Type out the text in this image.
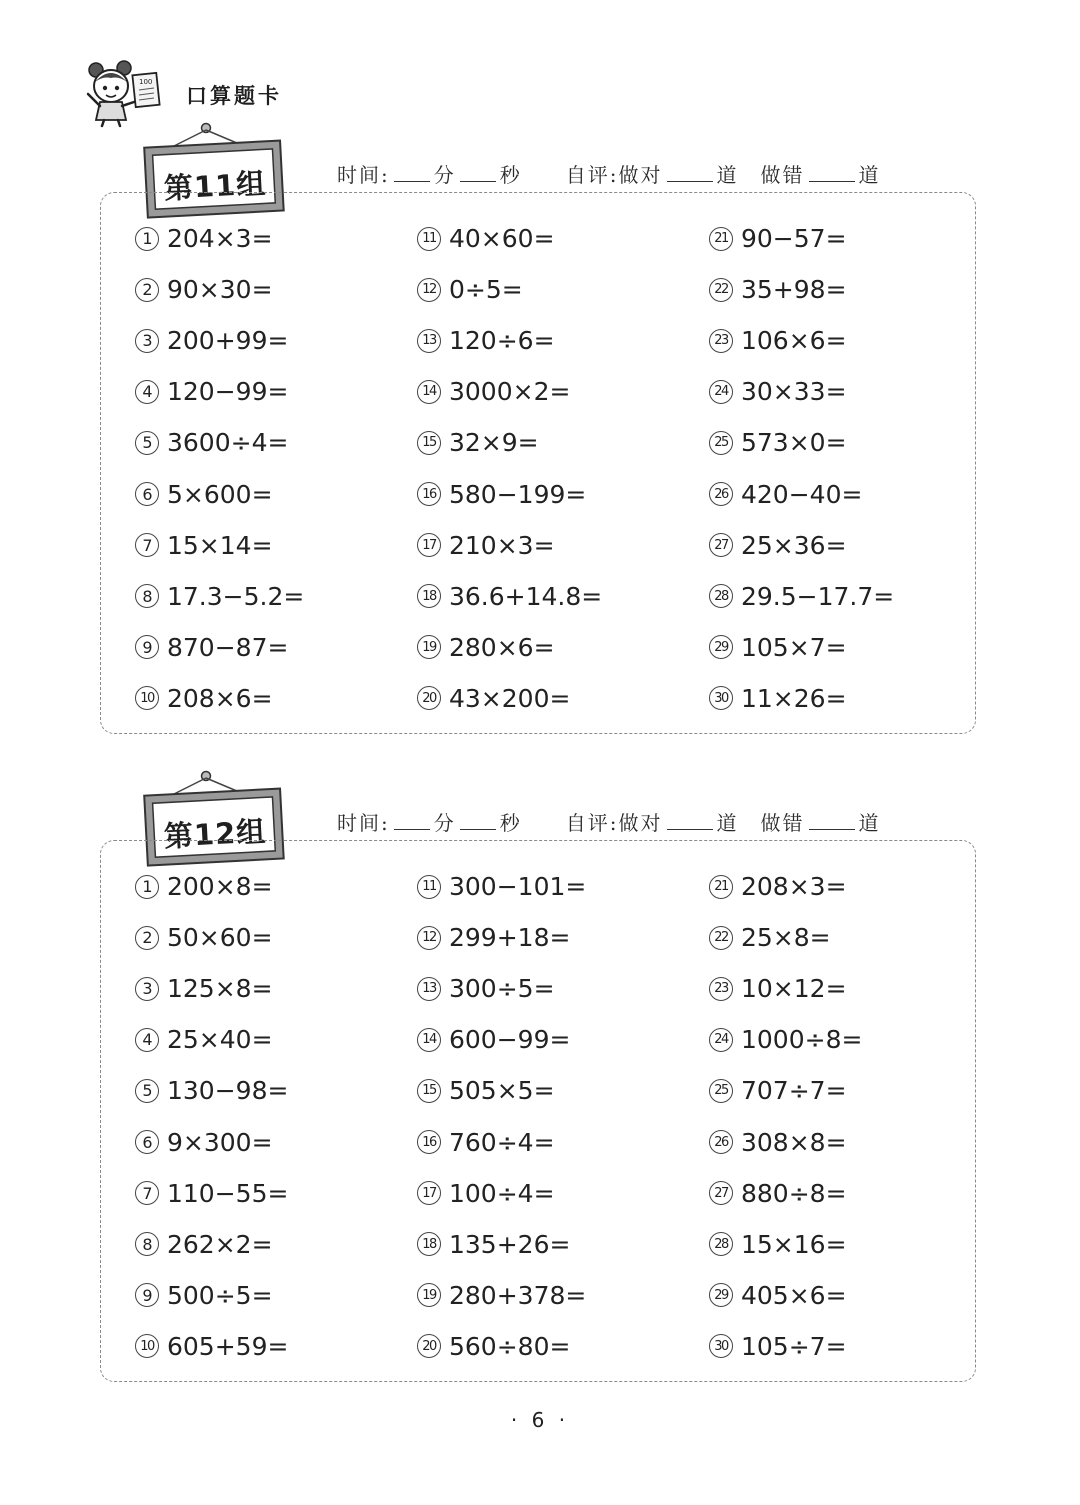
100
口算题卡
第11组	时间: 分 秒 自评:做对	道 做错	道
1 204×3=
2 90×30=
3 200+99=
4 120−99=
5 3600÷4=
6 5×600=
7 15×14=
8 17.3−5.2=
9 870−87=
10 208×6=
11 40×60=
12 0÷5=
13 120÷6=
14 3000×2=
15 32×9=
16 580−199=
17 210×3=
18 36.6+14.8=
19 280×6=
20 43×200=
21 90−57=
22 35+98=
23 106×6=
24 30×33=
25 573×0=
26 420−40=
27 25×36=
28 29.5−17.7=
29 105×7=
30 11×26=
第12组	时间: 分 秒 自评:做对	道 做错	道
1 200×8=
2 50×60=
3 125×8=
4 25×40=
5 130−98=
6 9×300=
7 110−55=
8 262×2=
9 500÷5=
10 605+59=
11 300−101=
12 299+18=
13 300÷5=
14 600−99=
15 505×5=
16 760÷4=
17 100÷4=
18 135+26=
19 280+378=
20 560÷80=
21 208×3=
22 25×8=
23 10×12=
24 1000÷8=
25 707÷7=
26 308×8=
27 880÷8=
28 15×16=
29 405×6=
30 105÷7=
· 6 ·
